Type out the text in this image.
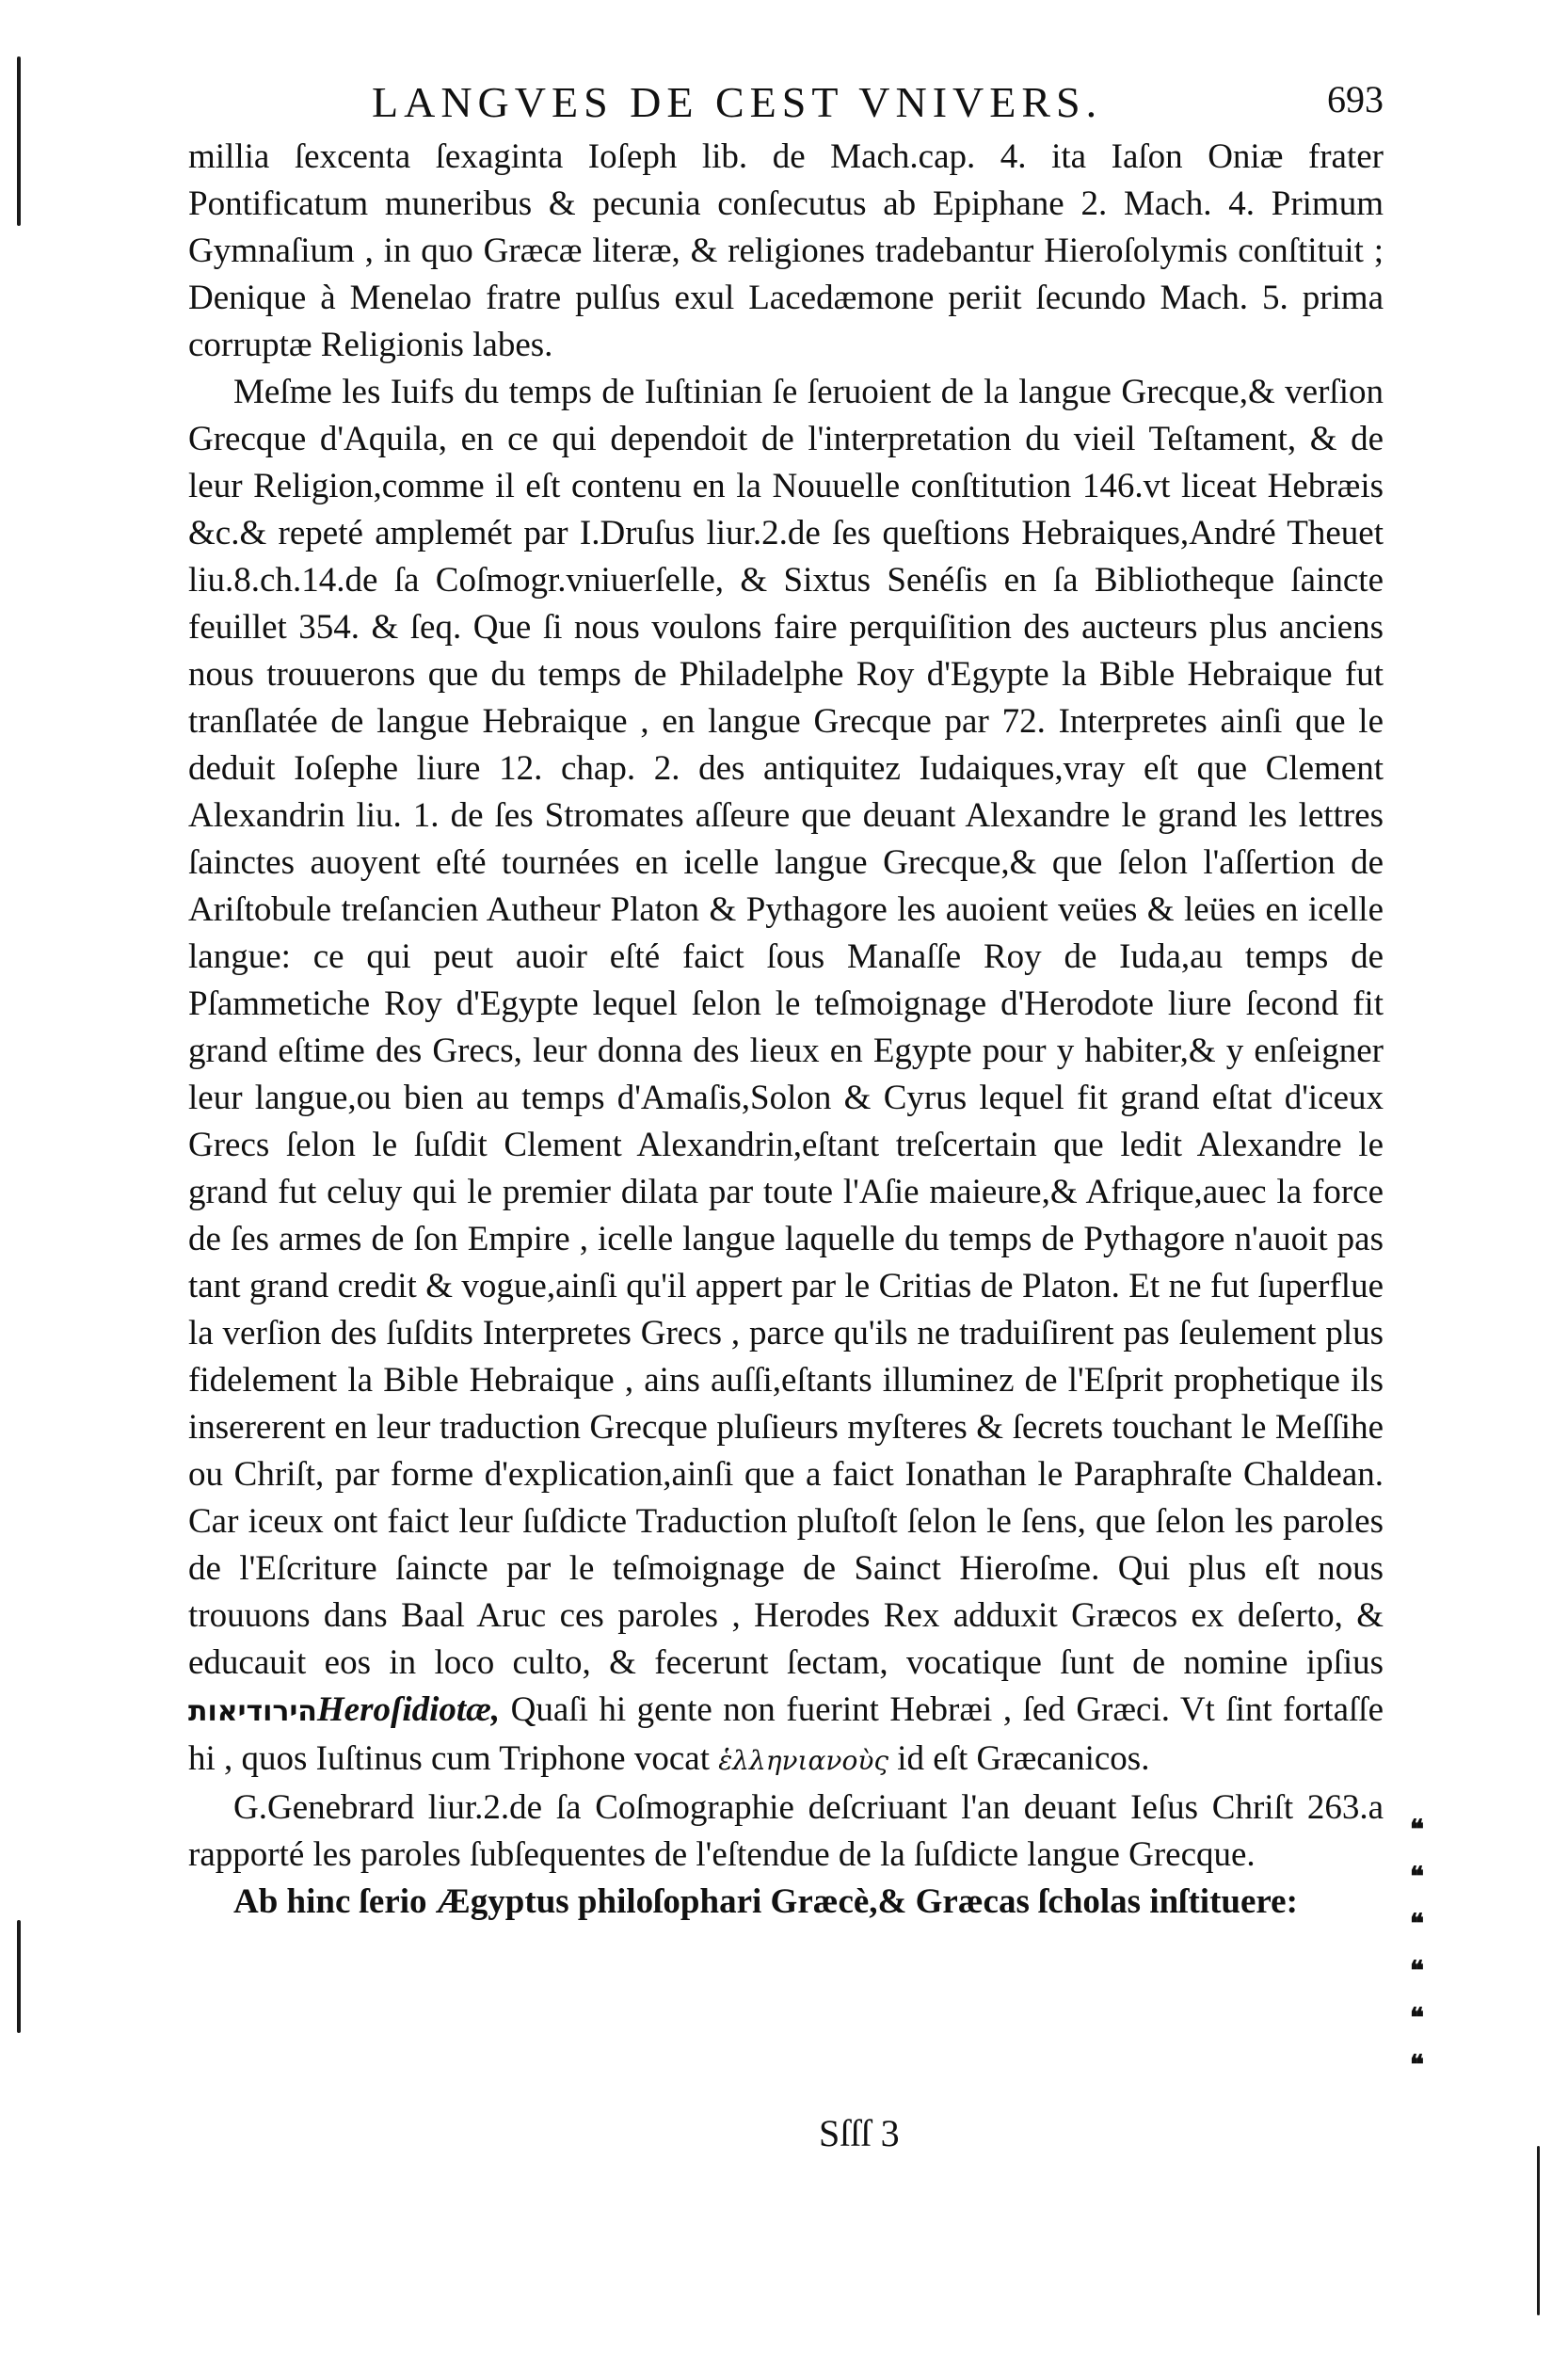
LANGVES DE CEST VNIVERS.	693

millia ſexcenta ſexaginta Ioſeph lib. de Mach.cap. 4. ita Iaſon Oniæ frater Pontificatum muneribus & pecunia conſecutus ab Epiphane 2. Mach. 4. Primum Gymnaſium , in quo Græcæ literæ, & religiones tradebantur Hieroſolymis conſtituit ; Denique à Menelao fratre pulſus exul Lacedæmone periit ſecundo Mach. 5. prima corruptæ Religionis labes.

Meſme les Iuifs du temps de Iuſtinian ſe ſeruoient de la langue Grecque,& verſion Grecque d'Aquila, en ce qui dependoit de l'interpretation du vieil Teſtament, & de leur Religion,comme il eſt contenu en la Nouuelle conſtitution 146.vt liceat Hebræis &c.& repeté amplemét par I.Druſus liur.2.de ſes queſtions Hebraiques,André Theuet liu.8.ch.14.de ſa Coſmogr.vniuerſelle, & Sixtus Senéſis en ſa Bibliotheque ſaincte feuillet 354. & ſeq. Que ſi nous voulons faire perquiſition des aucteurs plus anciens nous trouuerons que du temps de Philadelphe Roy d'Egypte la Bible Hebraique fut tranſlatée de langue Hebraique , en langue Grecque par 72. Interpretes ainſi que le deduit Ioſephe liure 12. chap. 2. des antiquitez Iudaiques,vray eſt que Clement Alexandrin liu. 1. de ſes Stromates aſſeure que deuant Alexandre le grand les lettres ſainctes auoyent eſté tournées en icelle langue Grecque,& que ſelon l'aſſertion de Ariſtobule treſancien Autheur Platon & Pythagore les auoient veües & leües en icelle langue: ce qui peut auoir eſté faict ſous Manaſſe Roy de Iuda,au temps de Pſammetiche Roy d'Egypte lequel ſelon le teſmoignage d'Herodote liure ſecond fit grand eſtime des Grecs, leur donna des lieux en Egypte pour y habiter,& y enſeigner leur langue,ou bien au temps d'Amaſis,Solon & Cyrus lequel fit grand eſtat d'iceux Grecs ſelon le ſuſdit Clement Alexandrin,eſtant treſcertain que ledit Alexandre le grand fut celuy qui le premier dilata par toute l'Aſie maieure,& Afrique,auec la force de ſes armes de ſon Empire , icelle langue laquelle du temps de Pythagore n'auoit pas tant grand credit & vogue,ainſi qu'il appert par le Critias de Platon. Et ne fut ſuperflue la verſion des ſuſdits Interpretes Grecs , parce qu'ils ne traduiſirent pas ſeulement plus fidelement la Bible Hebraique , ains auſſi,eſtants illuminez de l'Eſprit prophetique ils insererent en leur traduction Grecque pluſieurs myſteres & ſecrets touchant le Meſſihe ou Chriſt, par forme d'explication,ainſi que a faict Ionathan le Paraphraſte Chaldean. Car iceux ont faict leur ſuſdicte Traduction pluſtoſt ſelon le ſens, que ſelon les paroles de l'Eſcriture ſaincte par le teſmoignage de Sainct Hieroſme. Qui plus eſt nous trouuons dans Baal Aruc ces paroles , Herodes Rex adduxit Græcos ex deſerto, & educauit eos in loco culto, & fecerunt ſectam, vocatique ſunt de nomine ipſius הירודיאותHeroſidiotæ, Quaſi hi gente non fuerint Hebræi , ſed Græci. Vt ſint fortaſſe hi , quos Iuſtinus cum Triphone vocat ἑλληνιανοὺς id eſt Græcanicos.

G.Genebrard liur.2.de ſa Coſmographie deſcriuant l'an deuant Ieſus Chriſt 263.a rapporté les paroles ſubſequentes de l'eſtendue de la ſuſdicte langue Grecque.

Ab hinc ſerio Ægyptus philoſophari Græcè,& Græcas ſcholas inſtituere:

❝
❝
❝
❝
❝
❝
Sſſſ 3
